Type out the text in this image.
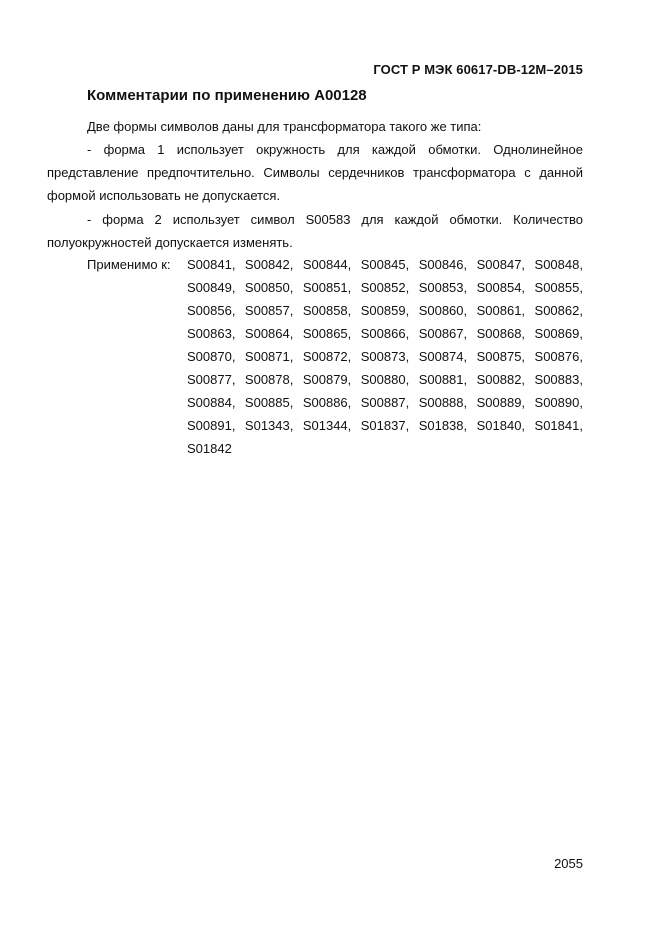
ГОСТ Р МЭК 60617-DB-12M–2015
Комментарии по применению А00128
Две формы символов даны для трансформатора такого же типа:
- форма 1 использует окружность для каждой обмотки. Однолинейное представление предпочтительно. Символы сердечников трансформатора с данной формой использовать не допускается.
- форма 2 использует символ S00583 для каждой обмотки. Количество полуокружностей допускается изменять.
Применимо к: S00841, S00842, S00844, S00845, S00846, S00847, S00848,
S00849, S00850, S00851, S00852, S00853, S00854, S00855,
S00856, S00857, S00858, S00859, S00860, S00861, S00862,
S00863, S00864, S00865, S00866, S00867, S00868, S00869,
S00870, S00871, S00872, S00873, S00874, S00875, S00876,
S00877, S00878, S00879, S00880, S00881, S00882, S00883,
S00884, S00885, S00886, S00887, S00888, S00889, S00890,
S00891, S01343, S01344, S01837, S01838, S01840, S01841,
S01842
2055
